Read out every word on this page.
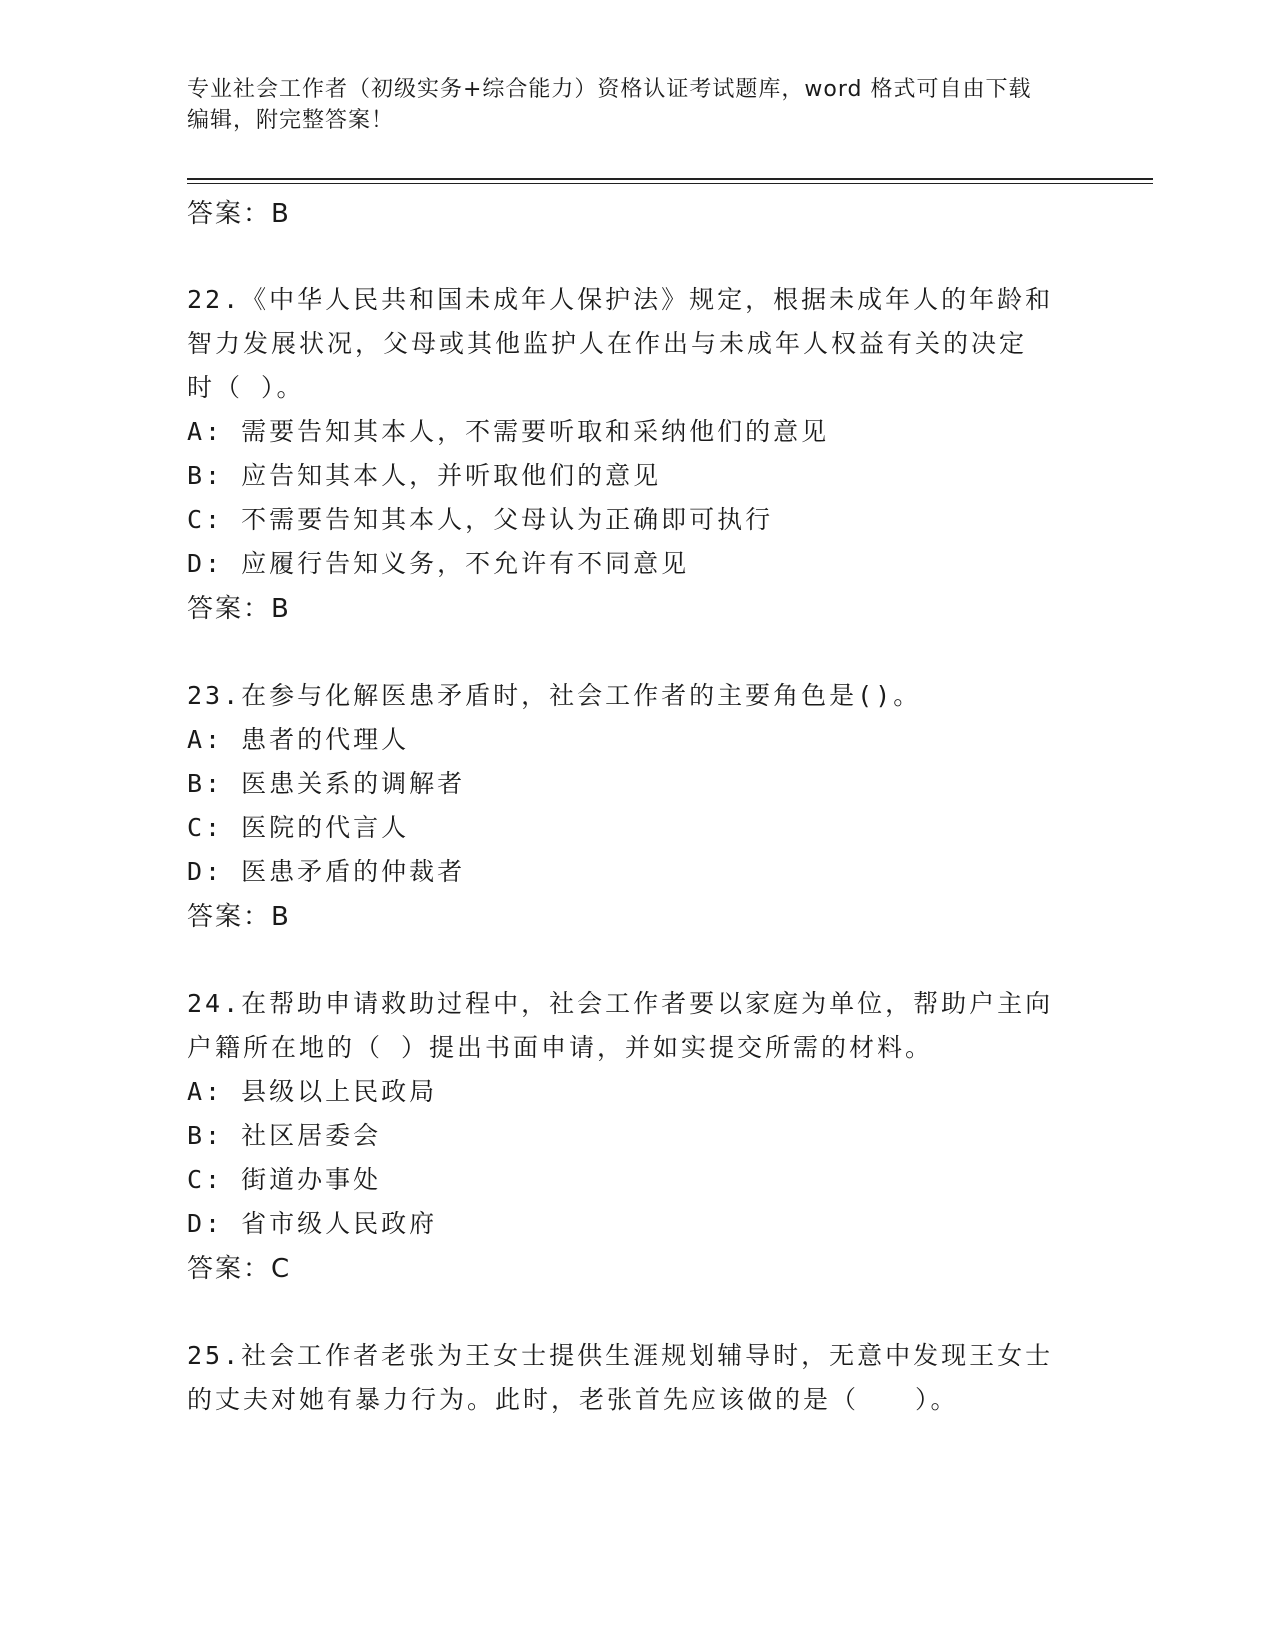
专业社会工作者（初级实务+综合能力）资格认证考试题库，word 格式可自由下载
编辑，附完整答案！
答案：B
22.《中华人民共和国未成年人保护法》规定，根据未成年人的年龄和
智力发展状况，父母或其他监护人在作出与未成年人权益有关的决定
时（ ）。
A: 需要告知其本人，不需要听取和采纳他们的意见
B: 应告知其本人，并听取他们的意见
C: 不需要告知其本人，父母认为正确即可执行
D: 应履行告知义务，不允许有不同意见
答案：B
23.在参与化解医患矛盾时，社会工作者的主要角色是()。
A: 患者的代理人
B: 医患关系的调解者
C: 医院的代言人
D: 医患矛盾的仲裁者
答案：B
24.在帮助申请救助过程中，社会工作者要以家庭为单位，帮助户主向
户籍所在地的（ ）提出书面申请，并如实提交所需的材料。
A: 县级以上民政局
B: 社区居委会
C: 街道办事处
D: 省市级人民政府
答案：C
25.社会工作者老张为王女士提供生涯规划辅导时，无意中发现王女士
的丈夫对她有暴力行为。此时，老张首先应该做的是（　　）。
